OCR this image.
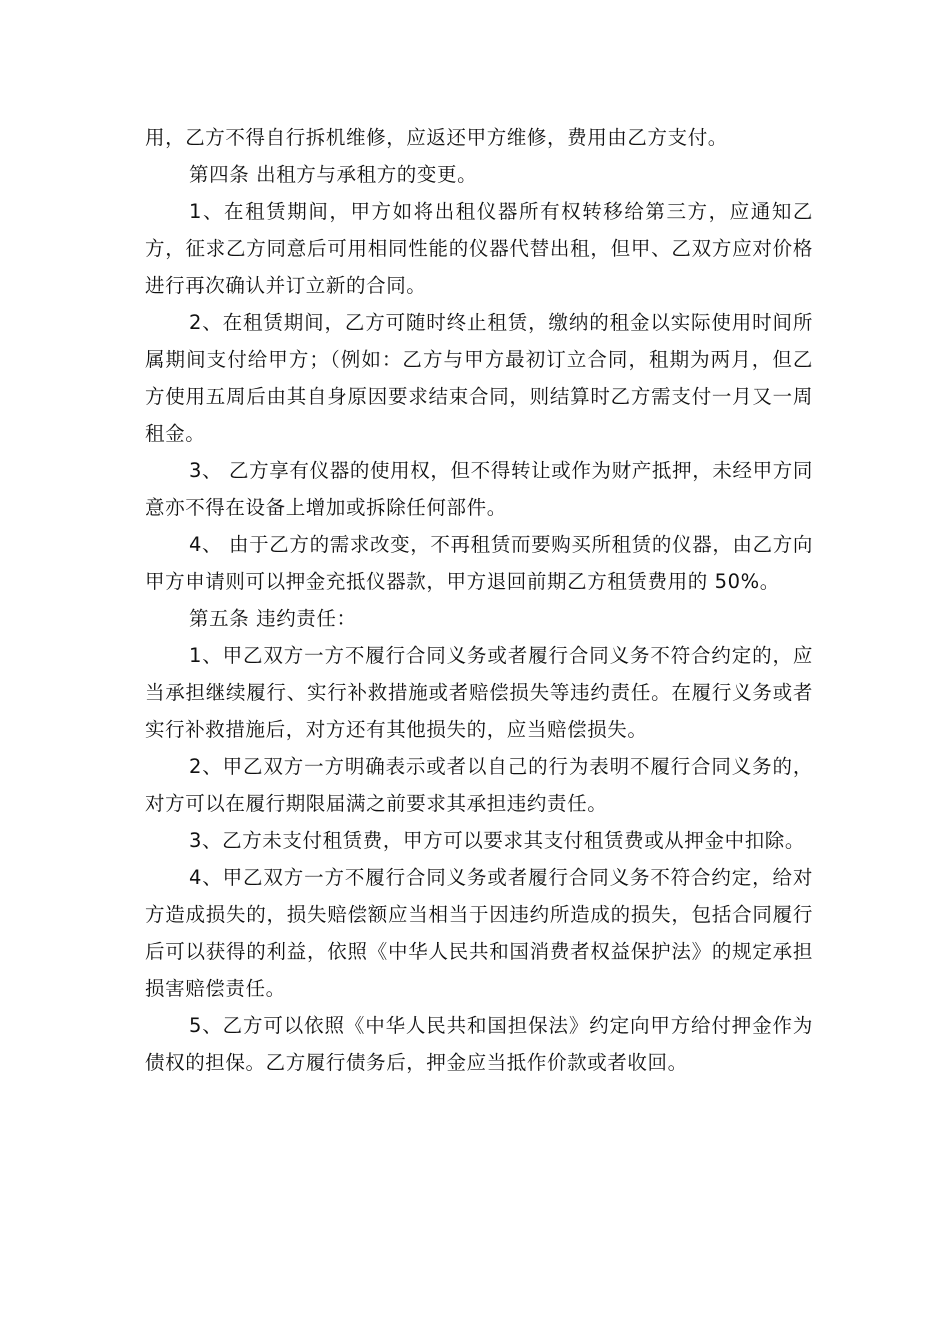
用，乙方不得自行拆机维修，应返还甲方维修，费用由乙方支付。

第四条 出租方与承租方的变更。

1、在租赁期间，甲方如将出租仪器所有权转移给第三方，应通知乙方，征求乙方同意后可用相同性能的仪器代替出租，但甲、乙双方应对价格进行再次确认并订立新的合同。

2、在租赁期间，乙方可随时终止租赁，缴纳的租金以实际使用时间所属期间支付给甲方；（例如：乙方与甲方最初订立合同，租期为两月，但乙方使用五周后由其自身原因要求结束合同，则结算时乙方需支付一月又一周租金。

3、 乙方享有仪器的使用权，但不得转让或作为财产抵押，未经甲方同意亦不得在设备上增加或拆除任何部件。

4、 由于乙方的需求改变，不再租赁而要购买所租赁的仪器，由乙方向甲方申请则可以押金充抵仪器款，甲方退回前期乙方租赁费用的 50%。

第五条 违约责任：

1、甲乙双方一方不履行合同义务或者履行合同义务不符合约定的，应当承担继续履行、实行补救措施或者赔偿损失等违约责任。在履行义务或者实行补救措施后，对方还有其他损失的，应当赔偿损失。

2、甲乙双方一方明确表示或者以自己的行为表明不履行合同义务的，对方可以在履行期限届满之前要求其承担违约责任。

3、乙方未支付租赁费，甲方可以要求其支付租赁费或从押金中扣除。

4、甲乙双方一方不履行合同义务或者履行合同义务不符合约定，给对方造成损失的，损失赔偿额应当相当于因违约所造成的损失，包括合同履行后可以获得的利益，依照《中华人民共和国消费者权益保护法》的规定承担损害赔偿责任。

5、乙方可以依照《中华人民共和国担保法》约定向甲方给付押金作为债权的担保。乙方履行债务后，押金应当抵作价款或者收回。
